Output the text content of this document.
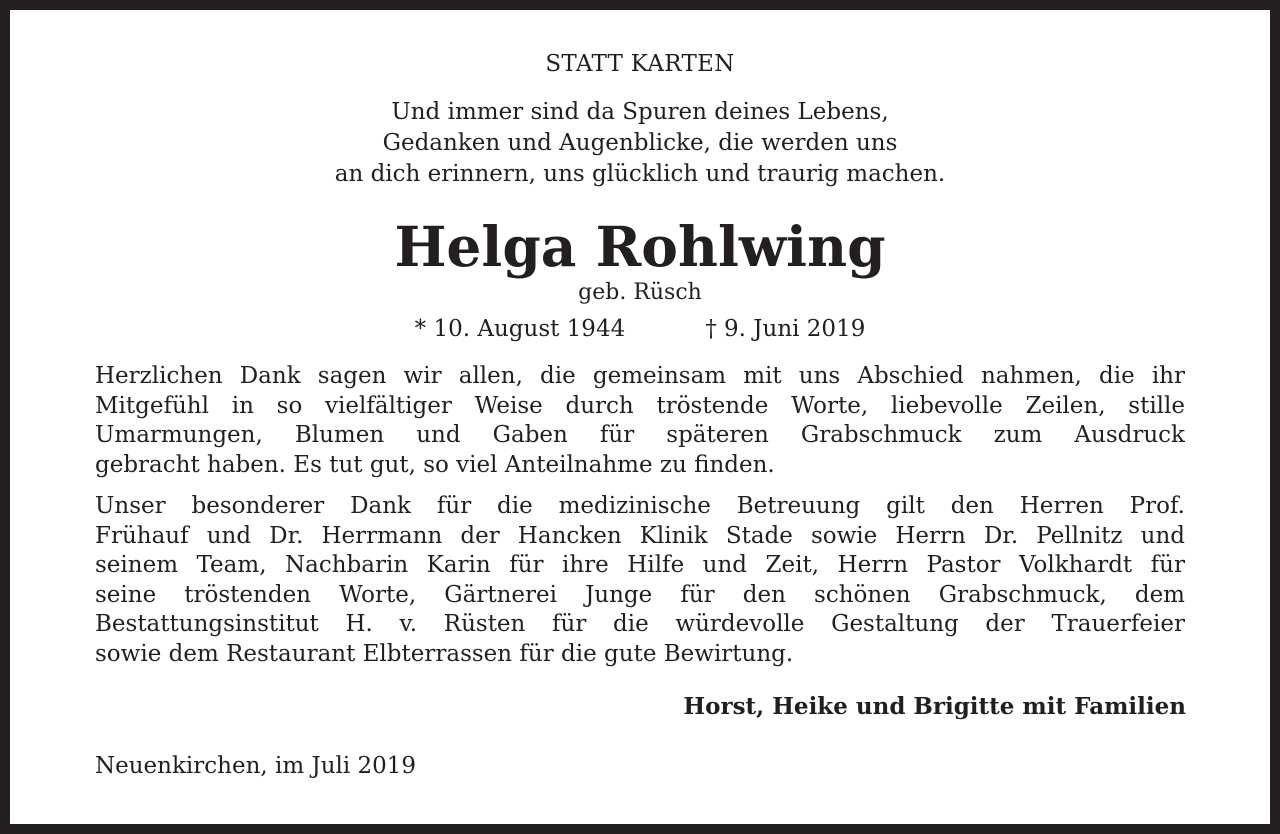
STATT KARTEN
Und immer sind da Spuren deines Lebens,
Gedanken und Augenblicke, die werden uns
an dich erinnern, uns glücklich und traurig machen.
Helga Rohlwing
geb. Rüsch
* 10. August 1944	† 9. Juni 2019
Herzlichen Dank sagen wir allen, die gemeinsam mit uns Abschied nahmen, die ihr
Mitgefühl in so vielfältiger Weise durch tröstende Worte, liebevolle Zeilen, stille
Umarmungen, Blumen und Gaben für späteren Grabschmuck zum Ausdruck
gebracht haben. Es tut gut, so viel Anteilnahme zu finden.
Unser besonderer Dank für die medizinische Betreuung gilt den Herren Prof.
Frühauf und Dr. Herrmann der Hancken Klinik Stade sowie Herrn Dr. Pellnitz und
seinem Team, Nachbarin Karin für ihre Hilfe und Zeit, Herrn Pastor Volkhardt für
seine tröstenden Worte, Gärtnerei Junge für den schönen Grabschmuck, dem
Bestattungsinstitut H. v. Rüsten für die würdevolle Gestaltung der Trauerfeier
sowie dem Restaurant Elbterrassen für die gute Bewirtung.
Horst, Heike und Brigitte mit Familien
Neuenkirchen, im Juli 2019
